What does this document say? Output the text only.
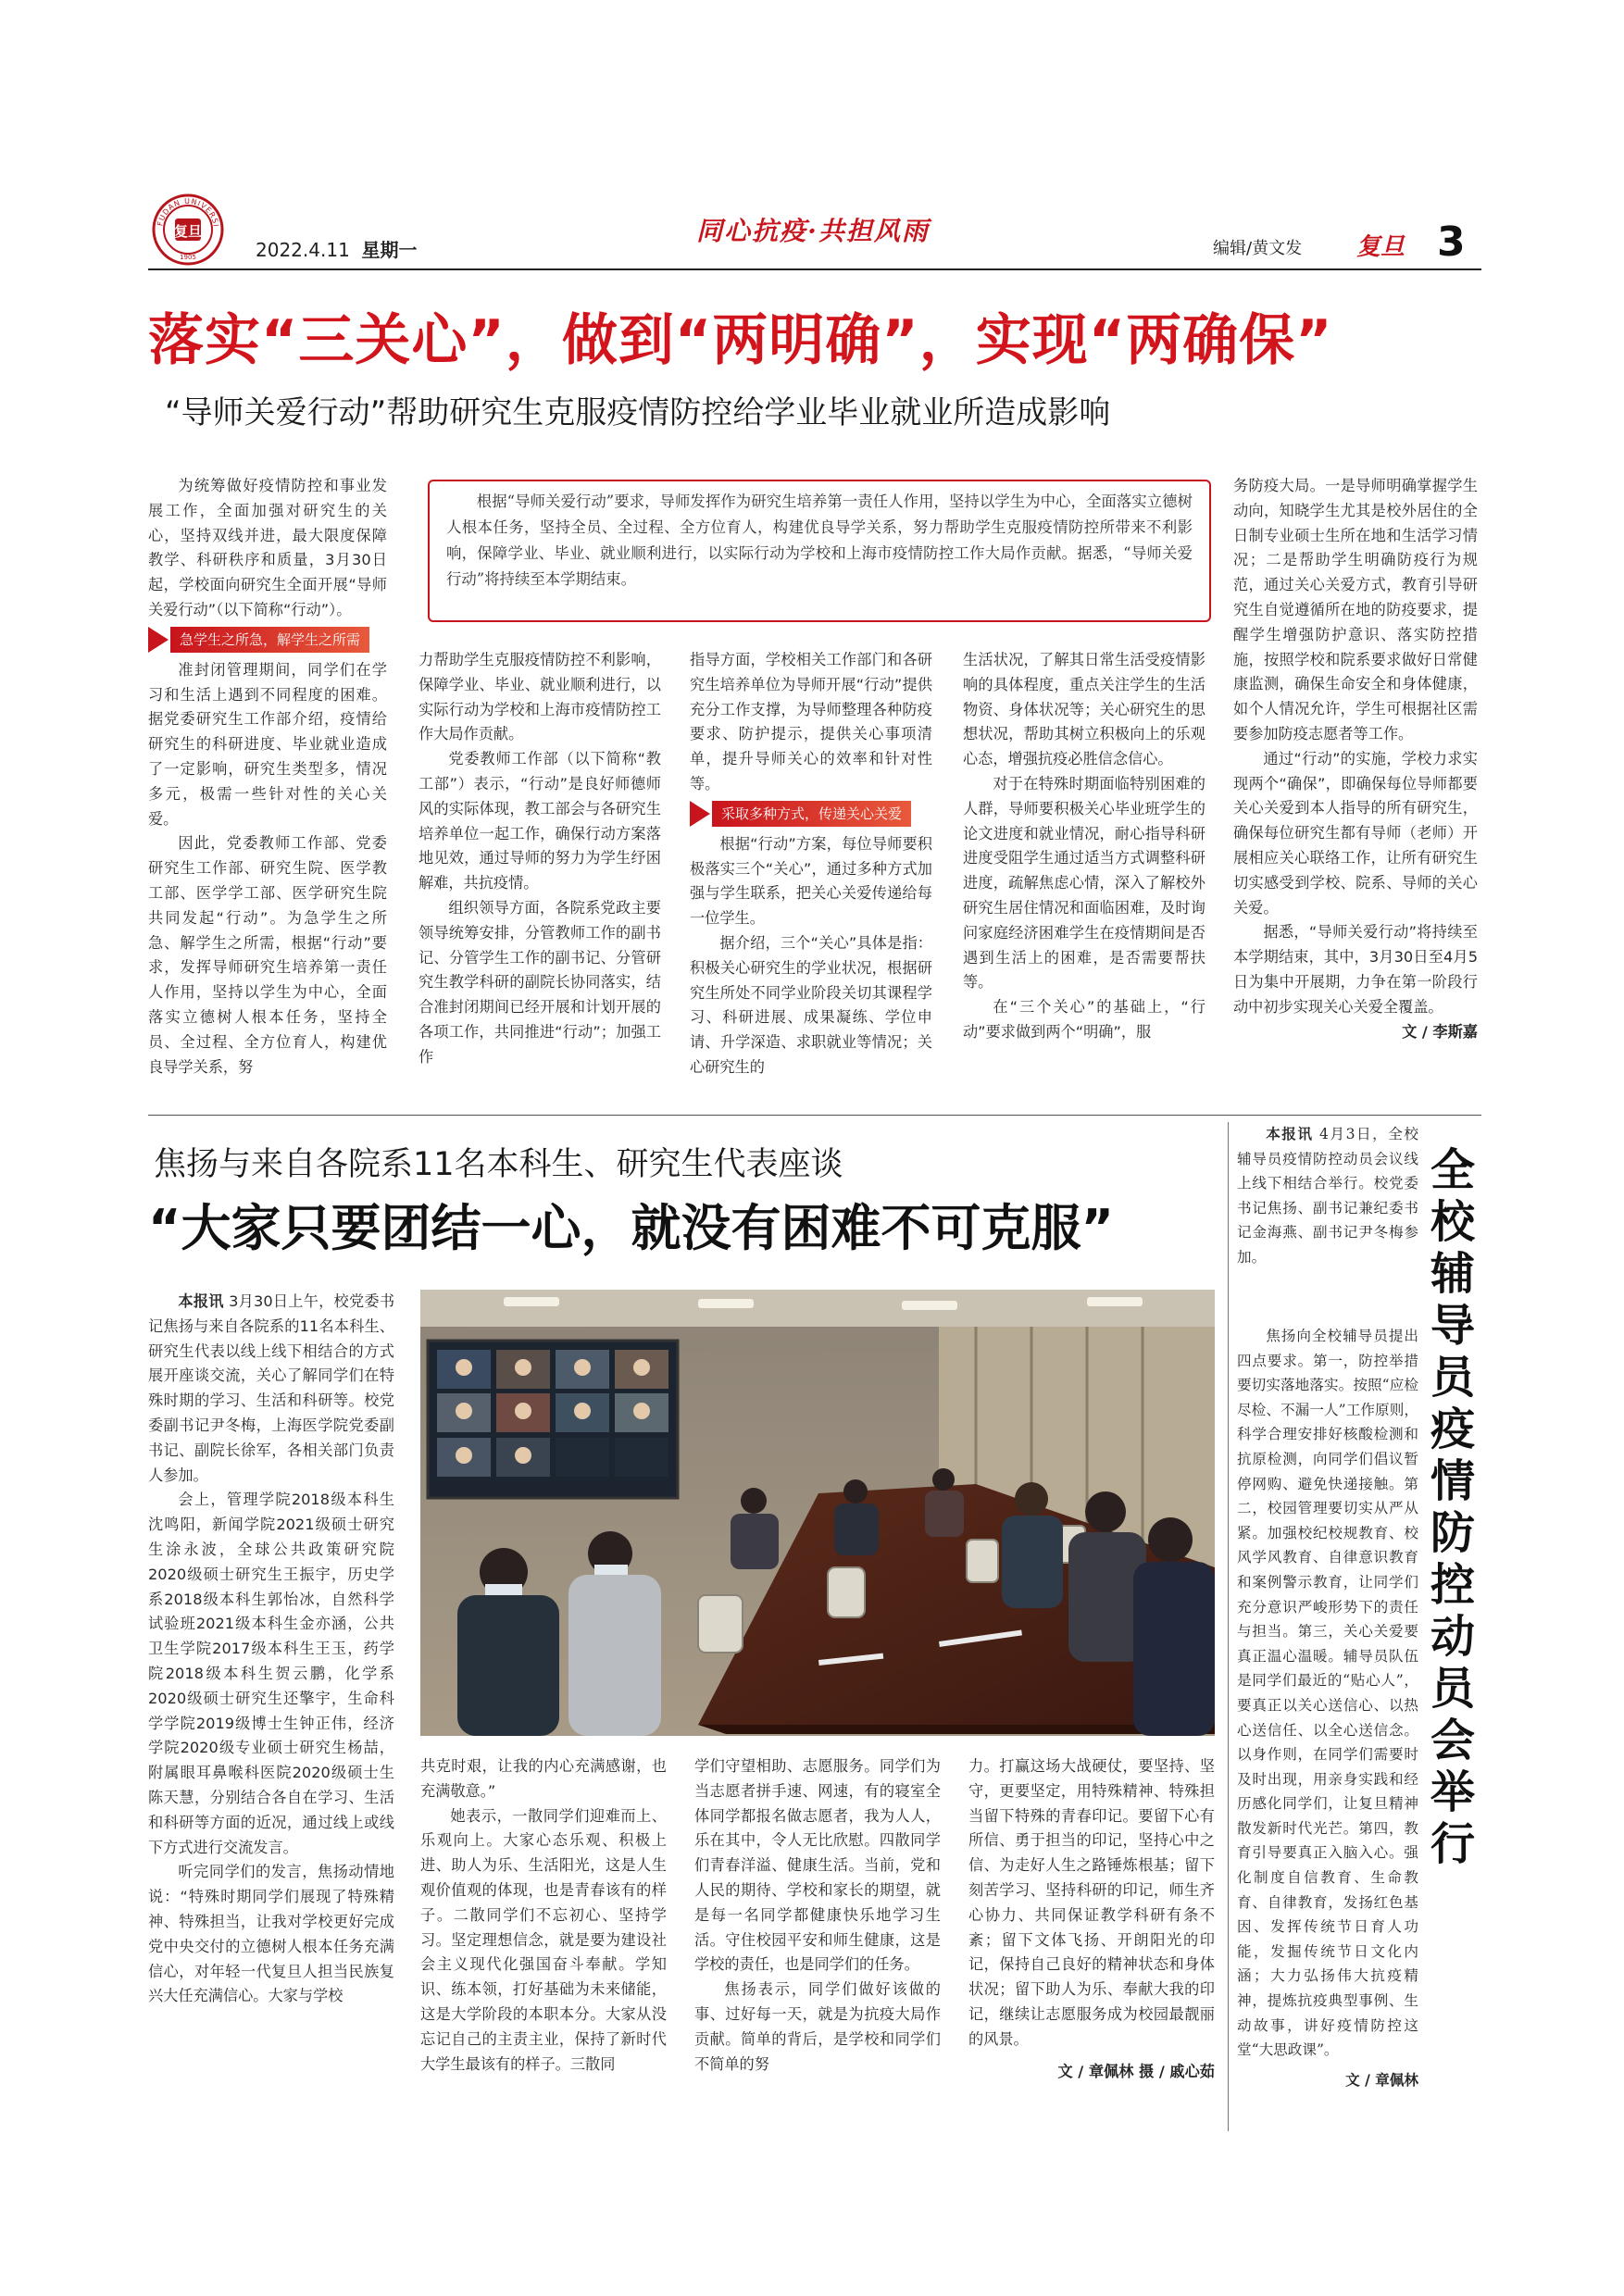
FUDAN UNIVERSI
1905
复旦
2022.4.11 星期一
同心抗疫·共担风雨
编辑/黄文发 复旦 3
落实“三关心”，做到“两明确”，实现“两确保”
“导师关爱行动”帮助研究生克服疫情防控给学业毕业就业所造成影响

为统筹做好疫情防控和事业发展工作，全面加强对研究生的关心，坚持双线并进，最大限度保障教学、科研秩序和质量，3月30日起，学校面向研究生全面开展“导师关爱行动”（以下简称“行动”）。

急学生之所急，解学生之所需

准封闭管理期间，同学们在学习和生活上遇到不同程度的困难。据党委研究生工作部介绍，疫情给研究生的科研进度、毕业就业造成了一定影响，研究生类型多，情况多元，极需一些针对性的关心关爱。

因此，党委教师工作部、党委研究生工作部、研究生院、医学教工部、医学学工部、医学研究生院共同发起“行动”。为急学生之所急、解学生之所需，根据“行动”要求，发挥导师研究生培养第一责任人作用，坚持以学生为中心，全面落实立德树人根本任务，坚持全员、全过程、全方位育人，构建优良导学关系，努

根据“导师关爱行动”要求，导师发挥作为研究生培养第一责任人作用，坚持以学生为中心，全面落实立德树人根本任务，坚持全员、全过程、全方位育人，构建优良导学关系，努力帮助学生克服疫情防控所带来不利影响，保障学业、毕业、就业顺利进行，以实际行动为学校和上海市疫情防控工作大局作贡献。据悉，“导师关爱行动”将持续至本学期结束。

力帮助学生克服疫情防控不利影响，保障学业、毕业、就业顺利进行，以实际行动为学校和上海市疫情防控工作大局作贡献。

党委教师工作部（以下简称“教工部”）表示，“行动”是良好师德师风的实际体现，教工部会与各研究生培养单位一起工作，确保行动方案落地见效，通过导师的努力为学生纾困解难，共抗疫情。

组织领导方面，各院系党政主要领导统筹安排，分管教师工作的副书记、分管学生工作的副书记、分管研究生教学科研的副院长协同落实，结合准封闭期间已经开展和计划开展的各项工作，共同推进“行动”；加强工作

指导方面，学校相关工作部门和各研究生培养单位为导师开展“行动”提供充分工作支撑，为导师整理各种防疫要求、防护提示，提供关心事项清单，提升导师关心的效率和针对性等。

采取多种方式，传递关心关爱

根据“行动”方案，每位导师要积极落实三个“关心”，通过多种方式加强与学生联系，把关心关爱传递给每一位学生。

据介绍，三个“关心”具体是指：积极关心研究生的学业状况，根据研究生所处不同学业阶段关切其课程学习、科研进展、成果凝练、学位申请、升学深造、求职就业等情况；关心研究生的

生活状况，了解其日常生活受疫情影响的具体程度，重点关注学生的生活物资、身体状况等；关心研究生的思想状况，帮助其树立积极向上的乐观心态，增强抗疫必胜信念信心。

对于在特殊时期面临特别困难的人群，导师要积极关心毕业班学生的论文进度和就业情况，耐心指导科研进度受阻学生通过适当方式调整科研进度，疏解焦虑心情，深入了解校外研究生居住情况和面临困难，及时询问家庭经济困难学生在疫情期间是否遇到生活上的困难，是否需要帮扶等。

在“三个关心”的基础上，“行动”要求做到两个“明确”，服

务防疫大局。一是导师明确掌握学生动向，知晓学生尤其是校外居住的全日制专业硕士生所在地和生活学习情况；二是帮助学生明确防疫行为规范，通过关心关爱方式，教育引导研究生自觉遵循所在地的防疫要求，提醒学生增强防护意识、落实防控措施，按照学校和院系要求做好日常健康监测，确保生命安全和身体健康，如个人情况允许，学生可根据社区需要参加防疫志愿者等工作。

通过“行动”的实施，学校力求实现两个“确保”，即确保每位导师都要关心关爱到本人指导的所有研究生，确保每位研究生都有导师（老师）开展相应关心联络工作，让所有研究生切实感受到学校、院系、导师的关心关爱。

据悉，“导师关爱行动”将持续至本学期结束，其中，3月30日至4月5日为集中开展期，力争在第一阶段行动中初步实现关心关爱全覆盖。

文 / 李斯嘉
焦扬与来自各院系11名本科生、研究生代表座谈
“大家只要团结一心，就没有困难不可克服”

本报讯 3月30日上午，校党委书记焦扬与来自各院系的11名本科生、研究生代表以线上线下相结合的方式展开座谈交流，关心了解同学们在特殊时期的学习、生活和科研等。校党委副书记尹冬梅，上海医学院党委副书记、副院长徐军，各相关部门负责人参加。

会上，管理学院2018级本科生沈鸣阳，新闻学院2021级硕士研究生涂永波，全球公共政策研究院2020级硕士研究生王振宇，历史学系2018级本科生郭怡冰，自然科学试验班2021级本科生金亦涵，公共卫生学院2017级本科生王玉，药学院2018级本科生贺云鹏，化学系2020级硕士研究生还擎宇，生命科学学院2019级博士生钟正伟，经济学院2020级专业硕士研究生杨喆，附属眼耳鼻喉科医院2020级硕士生陈天慧，分别结合各自在学习、生活和科研等方面的近况，通过线上或线下方式进行交流发言。

听完同学们的发言，焦扬动情地说：“特殊时期同学们展现了特殊精神、特殊担当，让我对学校更好完成党中央交付的立德树人根本任务充满信心，对年轻一代复旦人担当民族复兴大任充满信心。大家与学校

共克时艰，让我的内心充满感谢，也充满敬意。”

她表示，一散同学们迎难而上、乐观向上。大家心态乐观、积极上进、助人为乐、生活阳光，这是人生观价值观的体现，也是青春该有的样子。二散同学们不忘初心、坚持学习。坚定理想信念，就是要为建设社会主义现代化强国奋斗奉献。学知识、练本领，打好基础为未来储能，这是大学阶段的本职本分。大家从没忘记自己的主责主业，保持了新时代大学生最该有的样子。三散同

学们守望相助、志愿服务。同学们为当志愿者拼手速、网速，有的寝室全体同学都报名做志愿者，我为人人，乐在其中，令人无比欣慰。四散同学们青春洋溢、健康生活。当前，党和人民的期待、学校和家长的期望，就是每一名同学都健康快乐地学习生活。守住校园平安和师生健康，这是学校的责任，也是同学们的任务。

焦扬表示，同学们做好该做的事、过好每一天，就是为抗疫大局作贡献。简单的背后，是学校和同学们不简单的努

力。打赢这场大战硬仗，要坚持、坚守，更要坚定，用特殊精神、特殊担当留下特殊的青春印记。要留下心有所信、勇于担当的印记，坚持心中之信、为走好人生之路锤炼根基；留下刻苦学习、坚持科研的印记，师生齐心协力、共同保证教学科研有条不紊；留下文体飞扬、开朗阳光的印记，保持自己良好的精神状态和身体状况；留下助人为乐、奉献大我的印记，继续让志愿服务成为校园最靓丽的风景。

文 / 章佩林 摄 / 戚心茹
全校辅导员疫情防控动员会举行

本报讯 4月3日，全校辅导员疫情防控动员会议线上线下相结合举行。校党委书记焦扬、副书记兼纪委书记金海燕、副书记尹冬梅参加。

焦扬向全校辅导员提出四点要求。第一，防控举措要切实落地落实。按照“应检尽检、不漏一人”工作原则，科学合理安排好核酸检测和抗原检测，向同学们倡议暂停网购、避免快递接触。第二，校园管理要切实从严从紧。加强校纪校规教育、校风学风教育、自律意识教育和案例警示教育，让同学们充分意识严峻形势下的责任与担当。第三，关心关爱要真正温心温暖。辅导员队伍是同学们最近的“贴心人”，要真正以关心送信心、以热心送信任、以全心送信念。以身作则，在同学们需要时及时出现，用亲身实践和经历感化同学们，让复旦精神散发新时代光芒。第四，教育引导要真正入脑入心。强化制度自信教育、生命教育、自律教育，发扬红色基因、发挥传统节日育人功能，发掘传统节日文化内涵；大力弘扬伟大抗疫精神，提炼抗疫典型事例、生动故事，讲好疫情防控这堂“大思政课”。

文 / 章佩林
